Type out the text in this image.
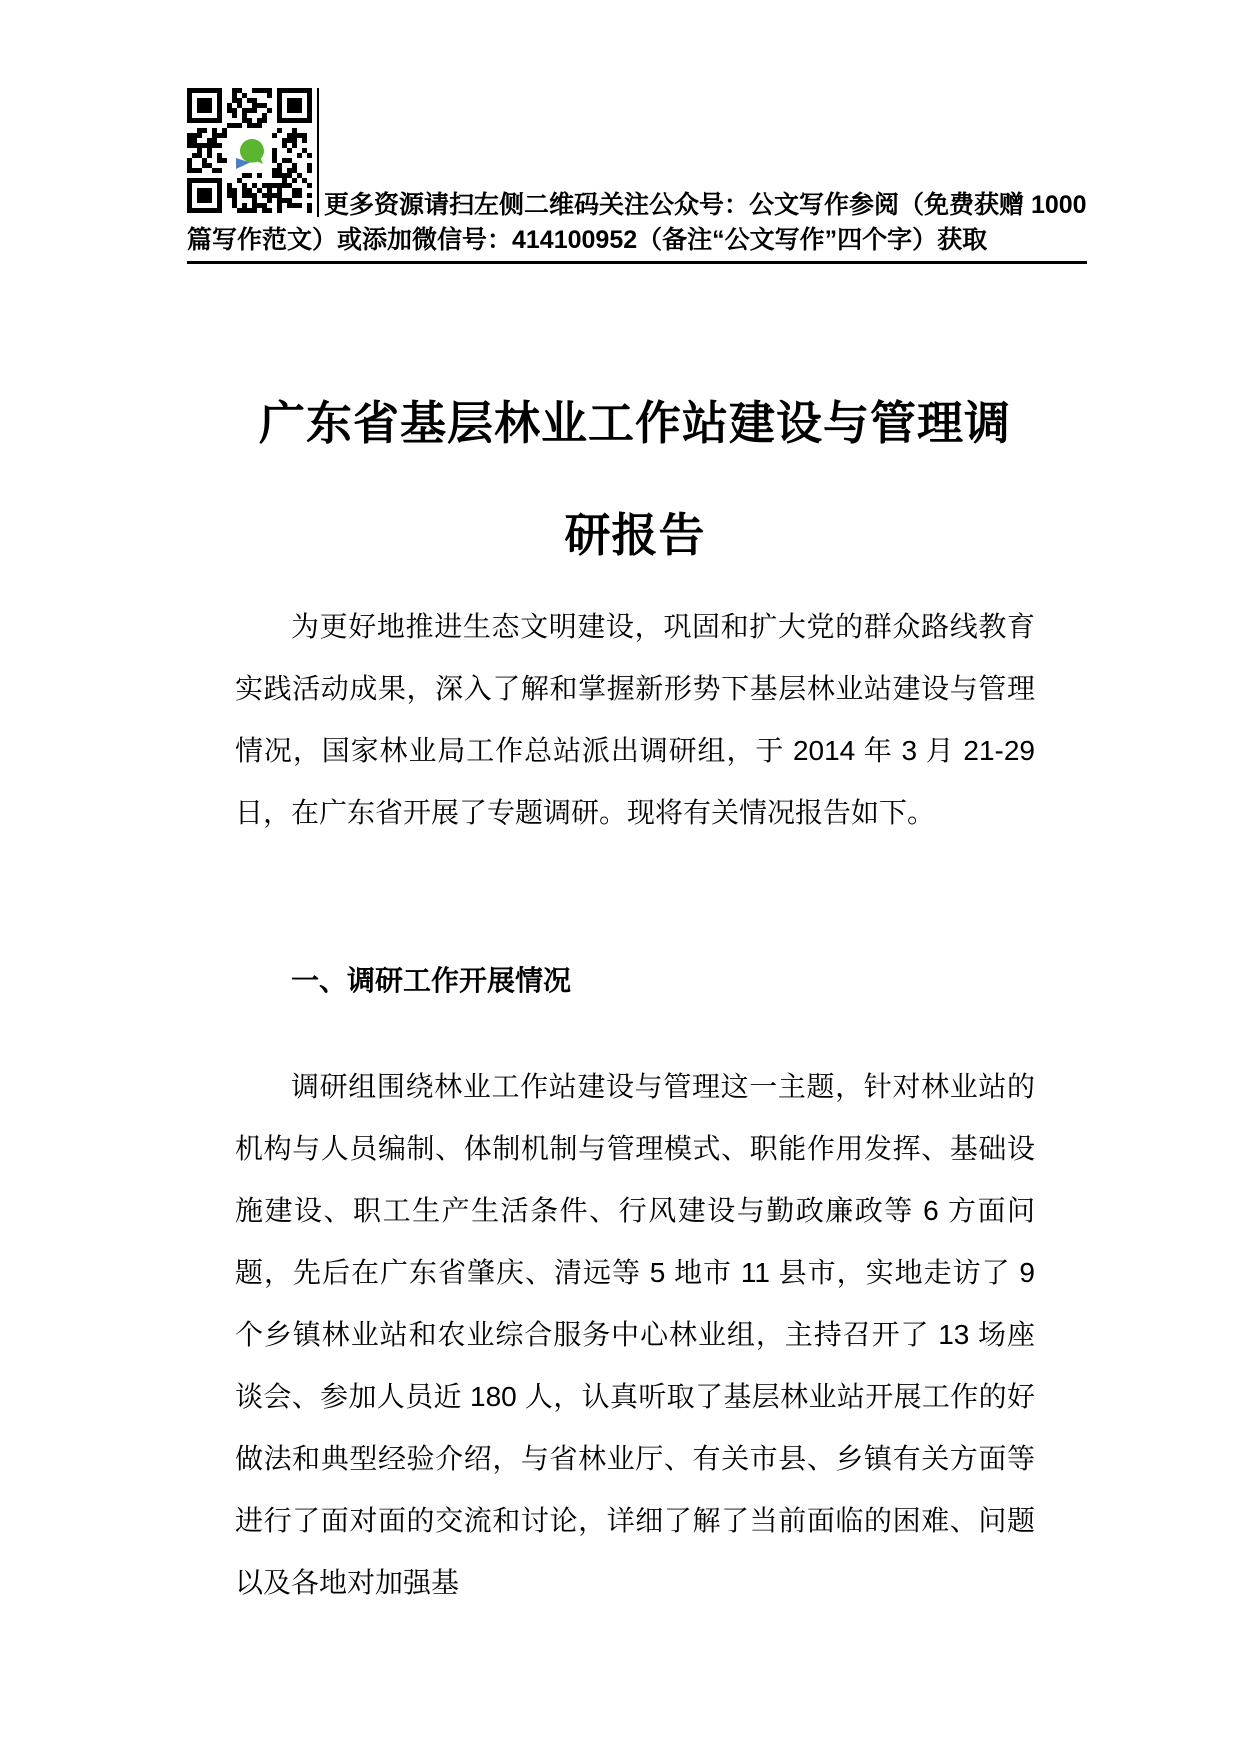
更多资源请扫左侧二维码关注公众号：公文写作参阅（免费获赠 1000 篇写作范文）或添加微信号：414100952（备注“公文写作”四个字）获取

广东省基层林业工作站建设与管理调研报告

为更好地推进生态文明建设，巩固和扩大党的群众路线教育实践活动成果，深入了解和掌握新形势下基层林业站建设与管理情况，国家林业局工作总站派出调研组，于 2014 年 3 月 21-29 日，在广东省开展了专题调研。现将有关情况报告如下。

一、调研工作开展情况

调研组围绕林业工作站建设与管理这一主题，针对林业站的机构与人员编制、体制机制与管理模式、职能作用发挥、基础设施建设、职工生产生活条件、行风建设与勤政廉政等 6 方面问题，先后在广东省肇庆、清远等 5 地市 11 县市，实地走访了 9 个乡镇林业站和农业综合服务中心林业组，主持召开了 13 场座谈会、参加人员近 180 人，认真听取了基层林业站开展工作的好做法和典型经验介绍，与省林业厅、有关市县、乡镇有关方面等进行了面对面的交流和讨论，详细了解了当前面临的困难、问题以及各地对加强基
